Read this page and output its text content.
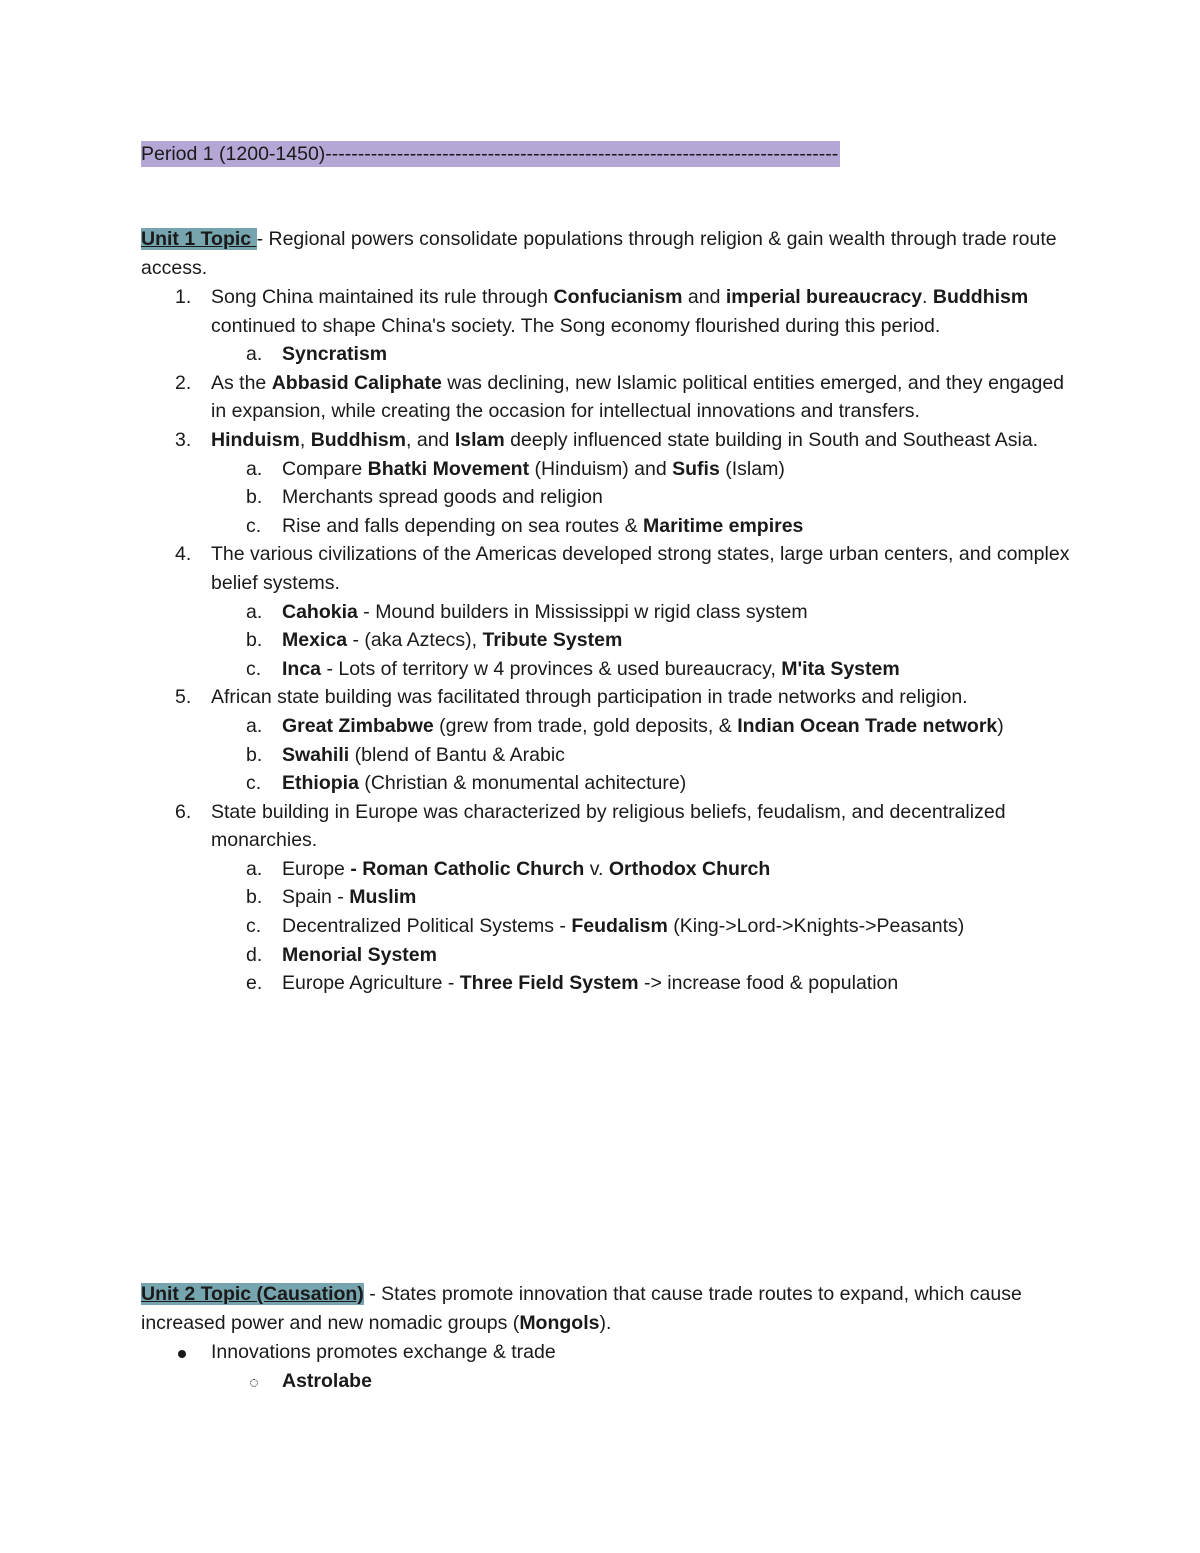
Period 1 (1200-1450)-------------------------------------------------------------------------------
Unit 1 Topic - Regional powers consolidate populations through religion & gain wealth through trade route access.
1. Song China maintained its rule through Confucianism and imperial bureaucracy. Buddhism continued to shape China's society. The Song economy flourished during this period.
a. Syncratism
2. As the Abbasid Caliphate was declining, new Islamic political entities emerged, and they engaged in expansion, while creating the occasion for intellectual innovations and transfers.
3. Hinduism, Buddhism, and Islam deeply influenced state building in South and Southeast Asia.
a. Compare Bhatki Movement (Hinduism) and Sufis (Islam)
b. Merchants spread goods and religion
c. Rise and falls depending on sea routes & Maritime empires
4. The various civilizations of the Americas developed strong states, large urban centers, and complex belief systems.
a. Cahokia - Mound builders in Mississippi w rigid class system
b. Mexica - (aka Aztecs), Tribute System
c. Inca - Lots of territory w 4 provinces & used bureaucracy, M'ita System
5. African state building was facilitated through participation in trade networks and religion.
a. Great Zimbabwe (grew from trade, gold deposits, & Indian Ocean Trade network)
b. Swahili (blend of Bantu & Arabic
c. Ethiopia (Christian & monumental achitecture)
6. State building in Europe was characterized by religious beliefs, feudalism, and decentralized monarchies.
a. Europe - Roman Catholic Church v. Orthodox Church
b. Spain - Muslim
c. Decentralized Political Systems - Feudalism (King->Lord->Knights->Peasants)
d. Menorial System
e. Europe Agriculture - Three Field System -> increase food & population
Unit 2 Topic (Causation) - States promote innovation that cause trade routes to expand, which cause increased power and new nomadic groups (Mongols).
Innovations promotes exchange & trade
Astrolabe
